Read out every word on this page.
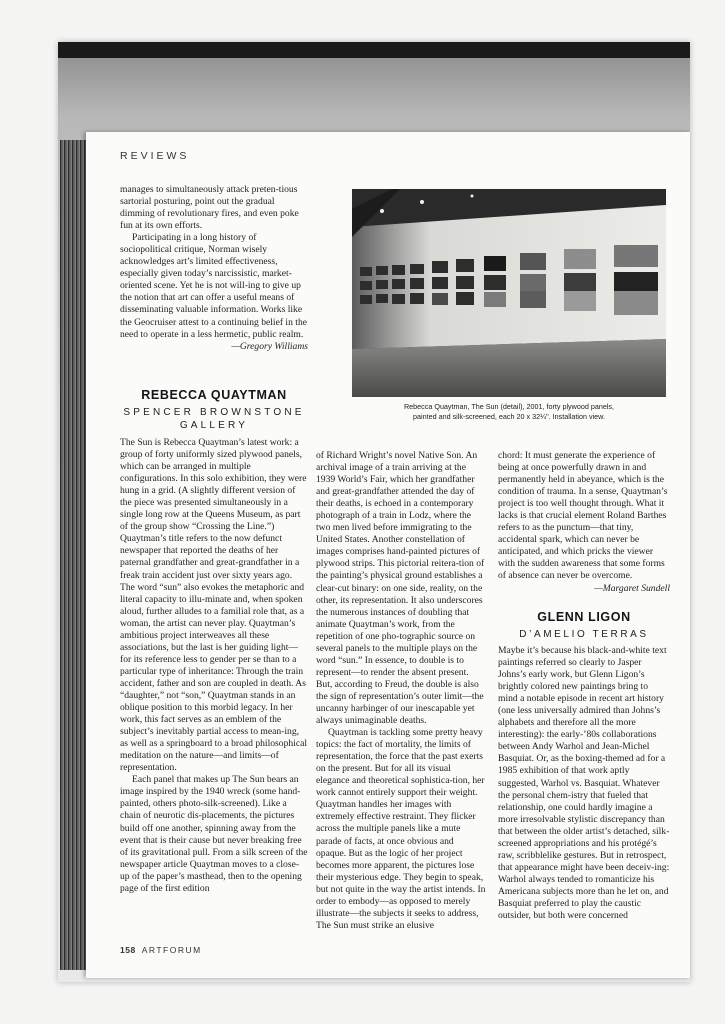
REVIEWS

manages to simultaneously attack preten-tious sartorial posturing, point out the gradual dimming of revolutionary fires, and even poke fun at its own efforts.

Participating in a long history of sociopolitical critique, Norman wisely acknowledges art’s limited effectiveness, especially given today’s narcissistic, market-oriented scene. Yet he is not will-ing to give up the notion that art can offer a useful means of disseminating valuable information. Works like the Geocruiser attest to a continuing belief in the need to operate in a less hermetic, public realm.

—Gregory Williams
REBECCA QUAYTMAN
SPENCER BROWNSTONE
GALLERY

The Sun is Rebecca Quaytman’s latest work: a group of forty uniformly sized plywood panels, which can be arranged in multiple configurations. In this solo exhibition, they were hung in a grid. (A slightly different version of the piece was presented simultaneously in a single long row at the Queens Museum, as part of the group show “Crossing the Line.”) Quaytman’s title refers to the now defunct newspaper that reported the deaths of her paternal grandfather and great-grandfather in a freak train accident just over sixty years ago. The word “sun” also evokes the metaphoric and literal capacity to illu-minate and, when spoken aloud, further alludes to a familial role that, as a woman, the artist can never play. Quaytman’s ambitious project interweaves all these associations, but the last is her guiding light—for its reference less to gender per se than to a particular type of inheritance: Through the train accident, father and son are coupled in death. As “daughter,” not “son,” Quaytman stands in an oblique position to this morbid legacy. In her work, this fact serves as an emblem of the subject’s inevitably partial access to mean-ing, as well as a springboard to a broad philosophical meditation on the nature—and limits—of representation.

Each panel that makes up The Sun bears an image inspired by the 1940 wreck (some hand-painted, others photo-silk-screened). Like a chain of neurotic dis-placements, the pictures build off one another, spinning away from the event that is their cause but never breaking free of its gravitational pull. From a silk screen of the newspaper article Quaytman moves to a close-up of the paper’s masthead, then to the opening page of the first edition

Rebecca Quaytman, The Sun (detail), 2001, forty plywood panels,
painted and silk-screened, each 20 x 32¼". Installation view.

of Richard Wright’s novel Native Son. An archival image of a train arriving at the 1939 World’s Fair, which her grandfather and great-grandfather attended the day of their deaths, is echoed in a contemporary photograph of a train in Lodz, where the two men lived before immigrating to the United States. Another constellation of images comprises hand-painted pictures of plywood strips. This pictorial reitera-tion of the painting’s physical ground establishes a clear-cut binary: on one side, reality, on the other, its representation. It also underscores the numerous instances of doubling that animate Quaytman’s work, from the repetition of one pho-tographic source on several panels to the multiple plays on the word “sun.” In essence, to double is to represent—to render the absent present. But, according to Freud, the double is also the sign of representation’s outer limit—the uncanny harbinger of our inescapable yet always unimaginable deaths.

Quaytman is tackling some pretty heavy topics: the fact of mortality, the limits of representation, the force that the past exerts on the present. But for all its visual elegance and theoretical sophistica-tion, her work cannot entirely support their weight. Quaytman handles her images with extremely effective restraint. They flicker across the multiple panels like a mute parade of facts, at once obvious and opaque. But as the logic of her project becomes more apparent, the pictures lose their mysterious edge. They begin to speak, but not quite in the way the artist intends. In order to embody—as opposed to merely illustrate—the subjects it seeks to address, The Sun must strike an elusive

chord: It must generate the experience of being at once powerfully drawn in and permanently held in abeyance, which is the condition of trauma. In a sense, Quaytman’s project is too well thought through. What it lacks is that crucial element Roland Barthes refers to as the punctum—that tiny, accidental spark, which can never be anticipated, and which pricks the viewer with the sudden awareness that some forms of absence can never be overcome.

—Margaret Sundell
GLENN LIGON
D’AMELIO TERRAS

Maybe it’s because his black-and-white text paintings referred so clearly to Jasper Johns’s early work, but Glenn Ligon’s brightly colored new paintings bring to mind a notable episode in recent art history (one less universally admired than Johns’s alphabets and therefore all the more interesting): the early-’80s collaborations between Andy Warhol and Jean-Michel Basquiat. Or, as the boxing-themed ad for a 1985 exhibition of that work aptly suggested, Warhol vs. Basquiat. Whatever the personal chem-istry that fueled that relationship, one could hardly imagine a more irresolvable stylistic discrepancy than that between the older artist’s detached, silk-screened appropriations and his protégé’s raw, scribblelike gestures. But in retrospect, that appearance might have been deceiv-ing: Warhol always tended to romanticize his Americana subjects more than he let on, and Basquiat preferred to play the caustic outsider, but both were concerned

158 ARTFORUM
